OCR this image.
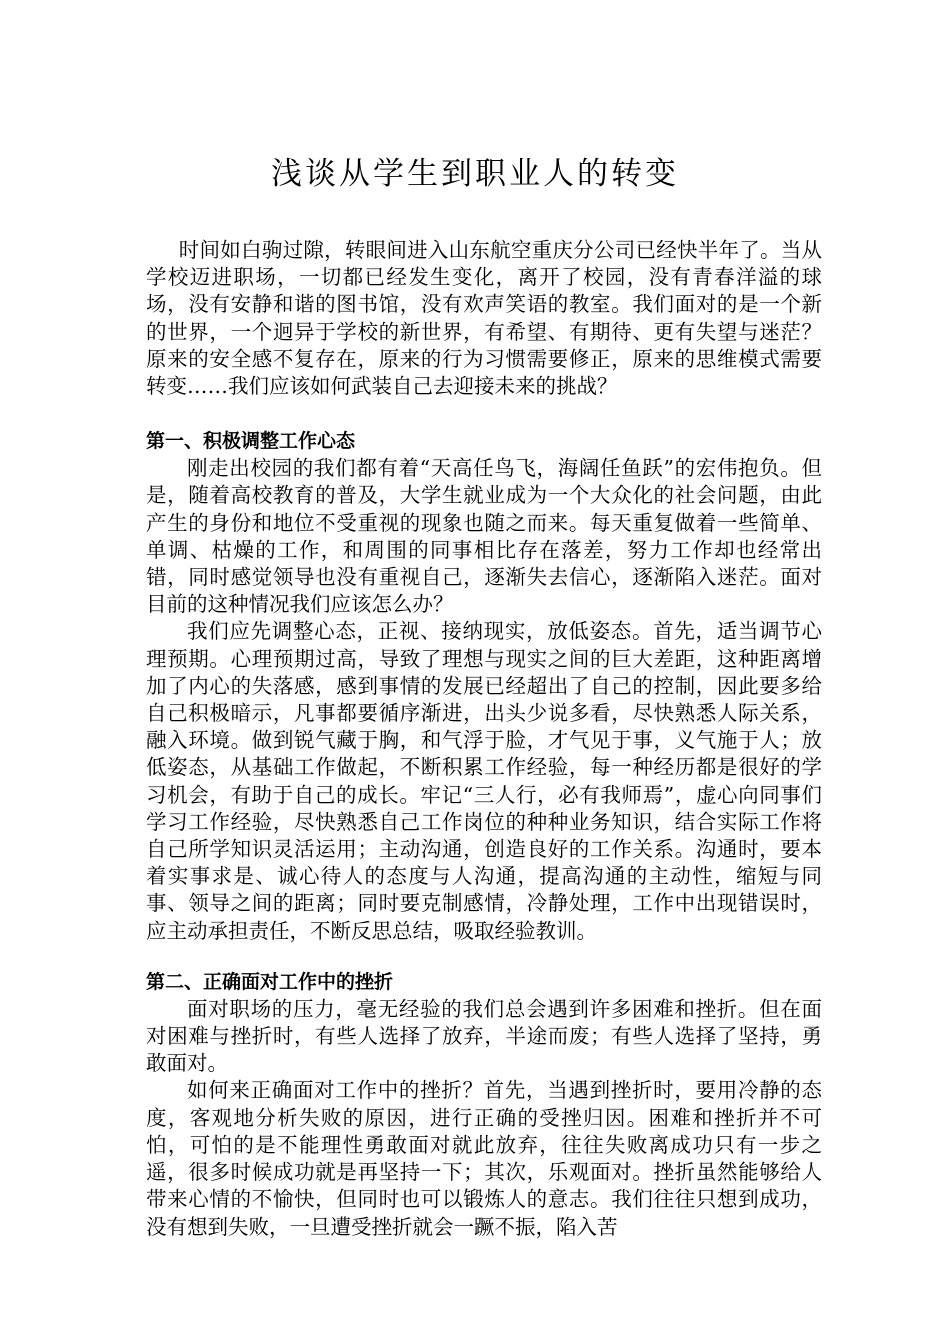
浅谈从学生到职业人的转变

时间如白驹过隙，转眼间进入山东航空重庆分公司已经快半年了。当从学校迈进职场，一切都已经发生变化，离开了校园，没有青春洋溢的球场，没有安静和谐的图书馆，没有欢声笑语的教室。我们面对的是一个新的世界，一个迥异于学校的新世界，有希望、有期待、更有失望与迷茫？原来的安全感不复存在，原来的行为习惯需要修正，原来的思维模式需要转变……我们应该如何武装自己去迎接未来的挑战？

第一、积极调整工作心态

刚走出校园的我们都有着“天高任鸟飞，海阔任鱼跃”的宏伟抱负。但是，随着高校教育的普及，大学生就业成为一个大众化的社会问题，由此产生的身份和地位不受重视的现象也随之而来。每天重复做着一些简单、单调、枯燥的工作，和周围的同事相比存在落差，努力工作却也经常出错，同时感觉领导也没有重视自己，逐渐失去信心，逐渐陷入迷茫。面对目前的这种情况我们应该怎么办？

我们应先调整心态，正视、接纳现实，放低姿态。首先，适当调节心理预期。心理预期过高，导致了理想与现实之间的巨大差距，这种距离增加了内心的失落感，感到事情的发展已经超出了自己的控制，因此要多给自己积极暗示，凡事都要循序渐进，出头少说多看，尽快熟悉人际关系，融入环境。做到锐气藏于胸，和气浮于脸，才气见于事，义气施于人；放低姿态，从基础工作做起，不断积累工作经验，每一种经历都是很好的学习机会，有助于自己的成长。牢记“三人行，必有我师焉”，虚心向同事们学习工作经验，尽快熟悉自己工作岗位的种种业务知识，结合实际工作将自己所学知识灵活运用；主动沟通，创造良好的工作关系。沟通时，要本着实事求是、诚心待人的态度与人沟通，提高沟通的主动性，缩短与同事、领导之间的距离；同时要克制感情，冷静处理，工作中出现错误时，应主动承担责任，不断反思总结，吸取经验教训。

第二、正确面对工作中的挫折

面对职场的压力，毫无经验的我们总会遇到许多困难和挫折。但在面对困难与挫折时，有些人选择了放弃，半途而废；有些人选择了坚持，勇敢面对。

如何来正确面对工作中的挫折？首先，当遇到挫折时，要用冷静的态度，客观地分析失败的原因，进行正确的受挫归因。困难和挫折并不可怕，可怕的是不能理性勇敢面对就此放弃，往往失败离成功只有一步之遥，很多时候成功就是再坚持一下；其次，乐观面对。挫折虽然能够给人带来心情的不愉快，但同时也可以锻炼人的意志。我们往往只想到成功，没有想到失败，一旦遭受挫折就会一蹶不振，陷入苦
